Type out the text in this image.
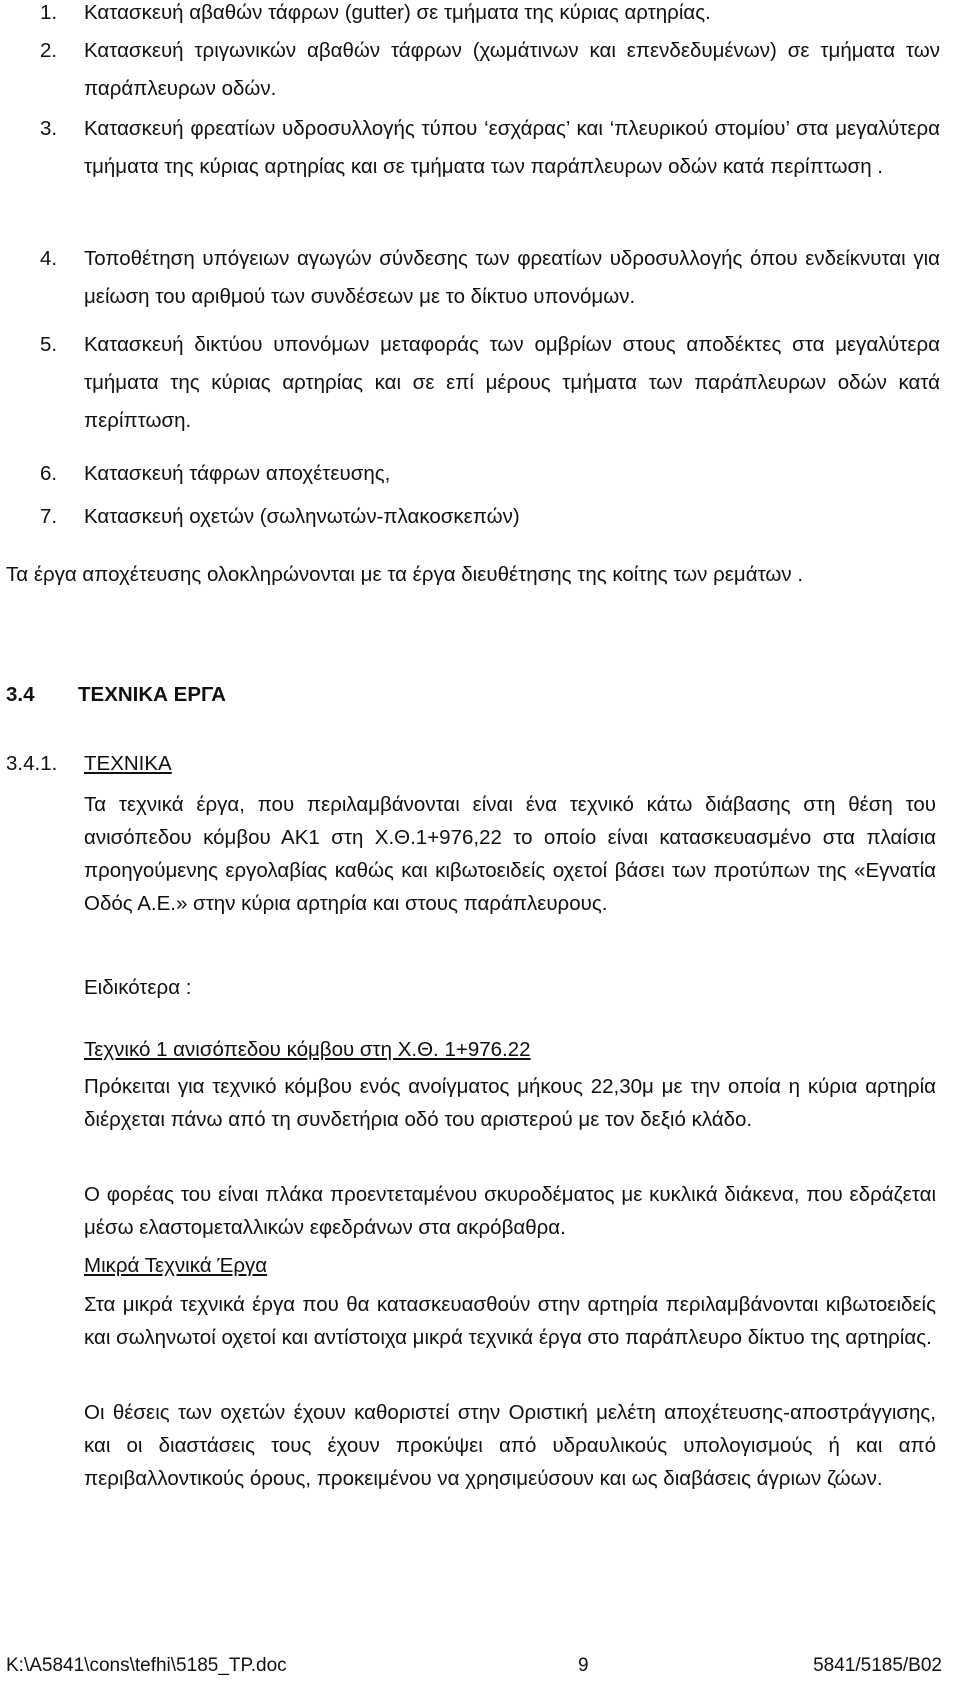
1.	Κατασκευή αβαθών τάφρων (gutter) σε τμήματα της κύριας αρτηρίας.
2.	Κατασκευή τριγωνικών αβαθών τάφρων (χωμάτινων και επενδεδυμένων) σε τμήματα των παράπλευρων οδών.
3.	Κατασκευή φρεατίων υδροσυλλογής τύπου ‘εσχάρας’ και ‘πλευρικού στομίου’ στα μεγαλύτερα τμήματα της κύριας αρτηρίας και σε τμήματα των παράπλευρων οδών κατά περίπτωση .
4.	Τοποθέτηση υπόγειων αγωγών σύνδεσης των φρεατίων υδροσυλλογής όπου ενδείκνυται για μείωση του αριθμού των συνδέσεων με το δίκτυο υπονόμων.
5.	Κατασκευή δικτύου υπονόμων μεταφοράς των ομβρίων στους αποδέκτες στα μεγαλύτερα τμήματα της κύριας αρτηρίας και σε επί μέρους τμήματα των παράπλευρων οδών κατά περίπτωση.
6.	Κατασκευή τάφρων αποχέτευσης,
7.	Κατασκευή οχετών (σωληνωτών-πλακοσκεπών)
Τα έργα αποχέτευσης ολοκληρώνονται με τα έργα διευθέτησης της κοίτης των ρεμάτων .
3.4 ΤΕΧΝΙΚΑ ΕΡΓΑ
3.4.1. ΤΕΧΝΙΚΑ
Τα τεχνικά έργα, που περιλαμβάνονται είναι ένα τεχνικό κάτω διάβασης στη θέση του ανισόπεδου κόμβου ΑΚ1 στη Χ.Θ.1+976,22 το οποίο είναι κατασκευασμένο στα πλαίσια προηγούμενης εργολαβίας καθώς και κιβωτοειδείς οχετοί βάσει των προτύπων της «Εγνατία Οδός Α.Ε.» στην κύρια αρτηρία και στους παράπλευρους.
Ειδικότερα :
Τεχνικό 1 ανισόπεδου κόμβου στη Χ.Θ. 1+976.22
Πρόκειται για τεχνικό κόμβου ενός ανοίγματος μήκους 22,30μ με την οποία η κύρια αρτηρία διέρχεται πάνω από τη συνδετήρια οδό του αριστερού με τον δεξιό κλάδο.
Ο φορέας του είναι πλάκα προεντεταμένου σκυροδέματος με κυκλικά διάκενα, που εδράζεται μέσω ελαστομεταλλικών εφεδράνων στα ακρόβαθρα.
Μικρά Τεχνικά Έργα
Στα μικρά τεχνικά έργα που θα κατασκευασθούν στην αρτηρία περιλαμβάνονται κιβωτοειδείς και σωληνωτοί οχετοί και αντίστοιχα μικρά τεχνικά έργα στο παράπλευρο δίκτυο της αρτηρίας.
Οι θέσεις των οχετών έχουν καθοριστεί στην Οριστική μελέτη αποχέτευσης-αποστράγγισης, και οι διαστάσεις τους έχουν προκύψει από υδραυλικούς υπολογισμούς ή και από περιβαλλοντικούς όρους, προκειμένου να χρησιμεύσουν και ως διαβάσεις άγριων ζώων.
K:\A5841\cons\tefhi\5185_TP.doc	9	5841/5185/B02
